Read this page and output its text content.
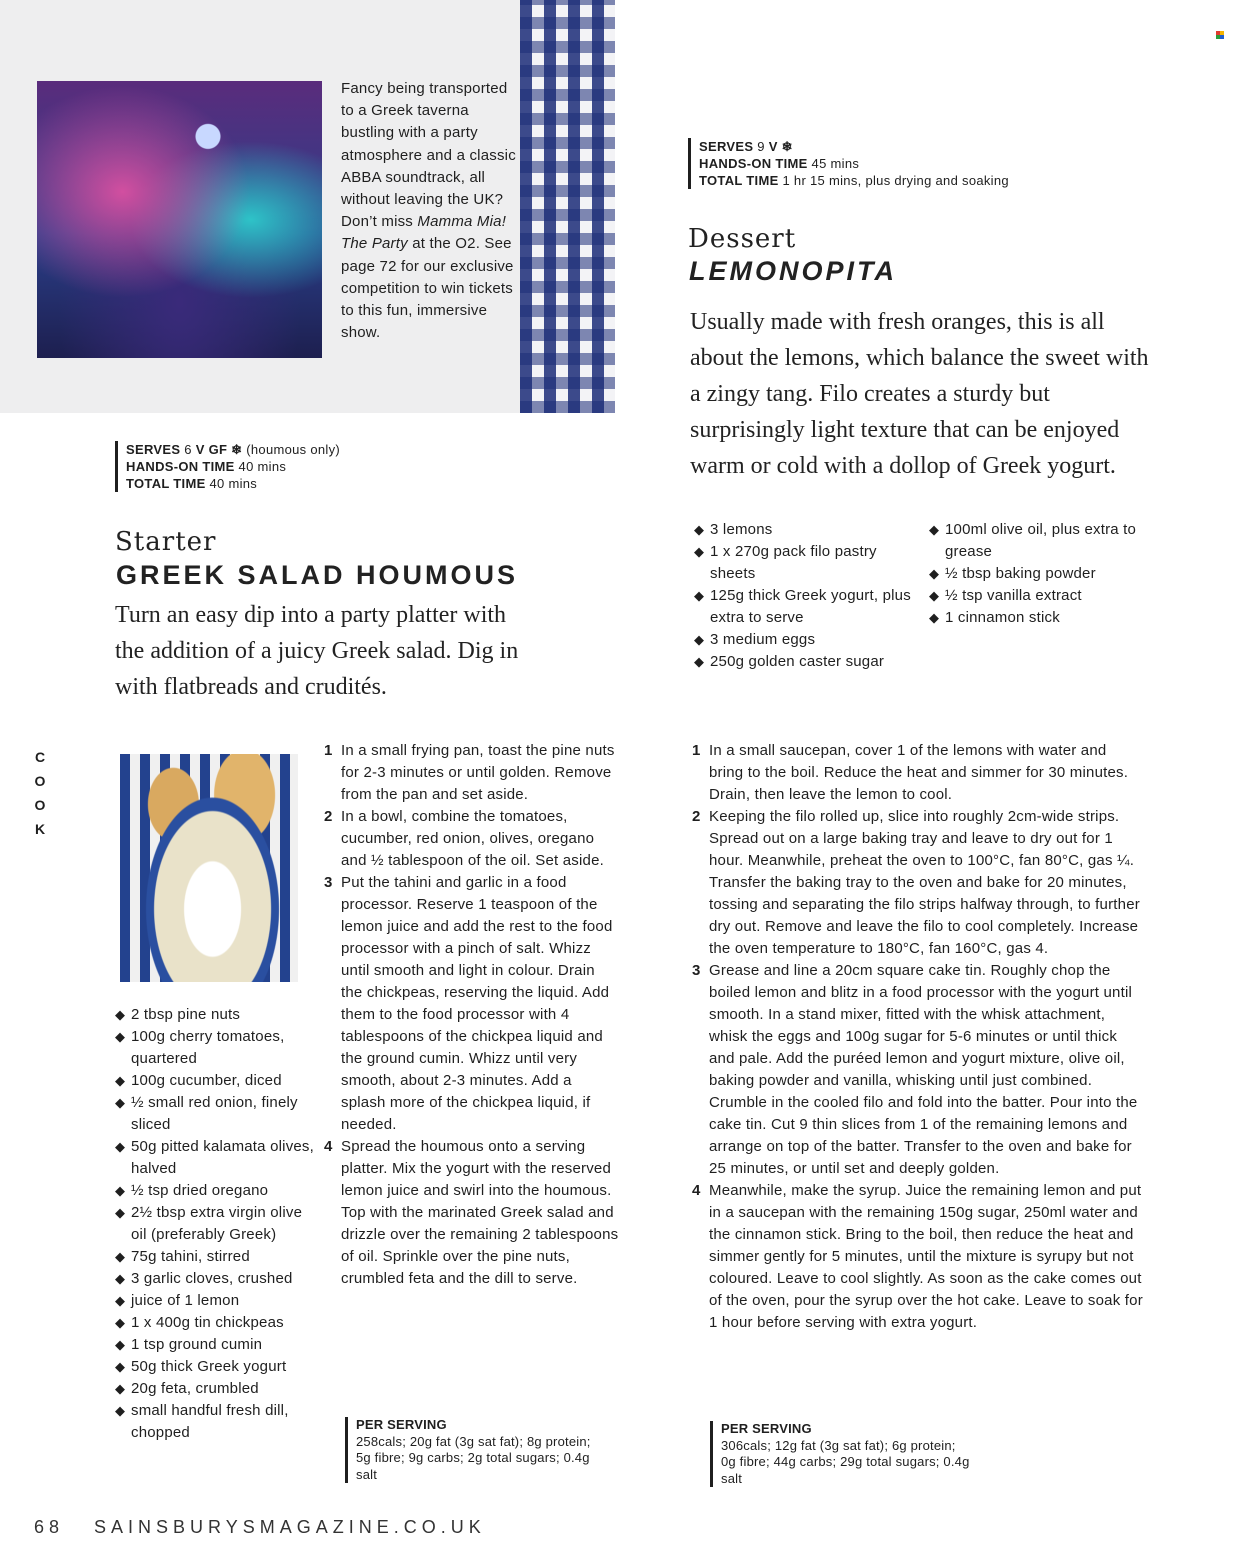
Fancy being transported to a Greek taverna bustling with a party atmosphere and a classic ABBA soundtrack, all without leaving the UK? Don’t miss Mamma Mia! The Party at the O2. See page 72 for our exclusive competition to win tickets to this fun, immersive show.
SERVES 9 V ❄
HANDS-ON TIME 45 mins
TOTAL TIME 1 hr 15 mins, plus drying and soaking
Dessert
LEMONOPITA
Usually made with fresh oranges, this is all about the lemons, which balance the sweet with a zingy tang. Filo creates a sturdy but surprisingly light texture that can be enjoyed warm or cold with a dollop of Greek yogurt.
◆ 3 lemons
◆ 1 x 270g pack filo pastry sheets
◆ 125g thick Greek yogurt, plus extra to serve
◆ 3 medium eggs
◆ 250g golden caster sugar
◆ 100ml olive oil, plus extra to grease
◆ ½ tbsp baking powder
◆ ½ tsp vanilla extract
◆ 1 cinnamon stick
1 In a small saucepan, cover 1 of the lemons with water and bring to the boil. Reduce the heat and simmer for 30 minutes. Drain, then leave the lemon to cool.
2 Keeping the filo rolled up, slice into roughly 2cm-wide strips. Spread out on a large baking tray and leave to dry out for 1 hour. Meanwhile, preheat the oven to 100°C, fan 80°C, gas ¼. Transfer the baking tray to the oven and bake for 20 minutes, tossing and separating the filo strips halfway through, to further dry out. Remove and leave the filo to cool completely. Increase the oven temperature to 180°C, fan 160°C, gas 4.
3 Grease and line a 20cm square cake tin. Roughly chop the boiled lemon and blitz in a food processor with the yogurt until smooth. In a stand mixer, fitted with the whisk attachment, whisk the eggs and 100g sugar for 5-6 minutes or until thick and pale. Add the puréed lemon and yogurt mixture, olive oil, baking powder and vanilla, whisking until just combined. Crumble in the cooled filo and fold into the batter. Pour into the cake tin. Cut 9 thin slices from 1 of the remaining lemons and arrange on top of the batter. Transfer to the oven and bake for 25 minutes, or until set and deeply golden.
4 Meanwhile, make the syrup. Juice the remaining lemon and put in a saucepan with the remaining 150g sugar, 250ml water and the cinnamon stick. Bring to the boil, then reduce the heat and simmer gently for 5 minutes, until the mixture is syrupy but not coloured. Leave to cool slightly. As soon as the cake comes out of the oven, pour the syrup over the hot cake. Leave to soak for 1 hour before serving with extra yogurt.
PER SERVING
306cals; 12g fat (3g sat fat); 6g protein; 0g fibre; 44g carbs; 29g total sugars; 0.4g salt
SERVES 6 V GF ❄ (houmous only)
HANDS-ON TIME 40 mins
TOTAL TIME 40 mins
Starter
GREEK SALAD HOUMOUS
Turn an easy dip into a party platter with the addition of a juicy Greek salad. Dig in with flatbreads and crudités.
C
O
O
K
◆ 2 tbsp pine nuts
◆ 100g cherry tomatoes, quartered
◆ 100g cucumber, diced
◆ ½ small red onion, finely sliced
◆ 50g pitted kalamata olives, halved
◆ ½ tsp dried oregano
◆ 2½ tbsp extra virgin olive oil (preferably Greek)
◆ 75g tahini, stirred
◆ 3 garlic cloves, crushed
◆ juice of 1 lemon
◆ 1 x 400g tin chickpeas
◆ 1 tsp ground cumin
◆ 50g thick Greek yogurt
◆ 20g feta, crumbled
◆ small handful fresh dill, chopped
1 In a small frying pan, toast the pine nuts for 2-3 minutes or until golden. Remove from the pan and set aside.
2 In a bowl, combine the tomatoes, cucumber, red onion, olives, oregano and ½ tablespoon of the oil. Set aside.
3 Put the tahini and garlic in a food processor. Reserve 1 teaspoon of the lemon juice and add the rest to the food processor with a pinch of salt. Whizz until smooth and light in colour. Drain the chickpeas, reserving the liquid. Add them to the food processor with 4 tablespoons of the chickpea liquid and the ground cumin. Whizz until very smooth, about 2-3 minutes. Add a splash more of the chickpea liquid, if needed.
4 Spread the houmous onto a serving platter. Mix the yogurt with the reserved lemon juice and swirl into the houmous. Top with the marinated Greek salad and drizzle over the remaining 2 tablespoons of oil. Sprinkle over the pine nuts, crumbled feta and the dill to serve.
PER SERVING
258cals; 20g fat (3g sat fat); 8g protein; 5g fibre; 9g carbs; 2g total sugars; 0.4g salt
68 SAINSBURYSMAGAZINE.CO.UK
